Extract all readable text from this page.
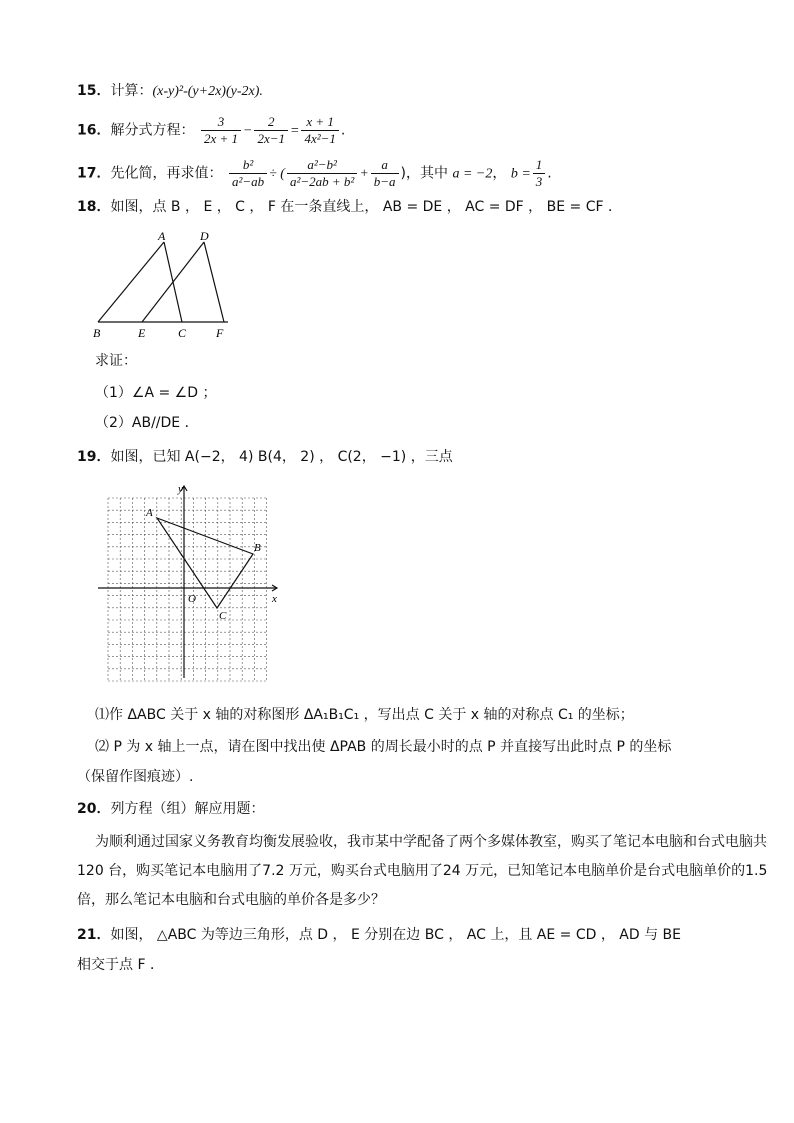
15．计算：(x-y)²-(y+2x)(y-2x).
16．解分式方程： $\frac{3}{2x + 1} - \frac{2}{2x-1} = \frac{x + 1}{\text{4x²−1}}$ .
17．先化简，再求值： $\frac{\text{b²}}{\text{a²−ab}}$ ÷ ( $\frac{\text{a²−b²}}{\text{a²−2ab + b²}} + \frac{a}{b-a}$ )，其中 a = −2， $b = \frac{1}{3}$ .
18．如图，点 B ， E ， C ， F 在一条直线上， AB = DE ， AC = DF ， BE = CF ．
A	D
B	E	C F
求证：
（1）∠A = ∠D ；
（2）AB//DE ．
19．如图，已知 A(−2， 4) B(4， 2) ， C(2， −1) ，三点
A
B
C
O	x
y
⑴作 ΔABC 关于 x 轴的对称图形 ΔA₁B₁C₁ ，写出点 C 关于 x 轴的对称点 C₁ 的坐标；
⑵ P 为 x 轴上一点，请在图中找出使 ΔPAB 的周长最小时的点 P 并直接写出此时点 P 的坐标
（保留作图痕迹）.
20．列方程（组）解应用题：
为顺利通过国家义务教育均衡发展验收，我市某中学配备了两个多媒体教室，购买了笔记本电脑和台式电脑共120 台，购买笔记本电脑用了7.2 万元，购买台式电脑用了24 万元，已知笔记本电脑单价是台式电脑单价的1.5 倍，那么笔记本电脑和台式电脑的单价各是多少？
21．如图， △ABC 为等边三角形，点 D ， E 分别在边 BC ， AC 上，且 AE = CD ， AD 与 BE
相交于点 F ．
